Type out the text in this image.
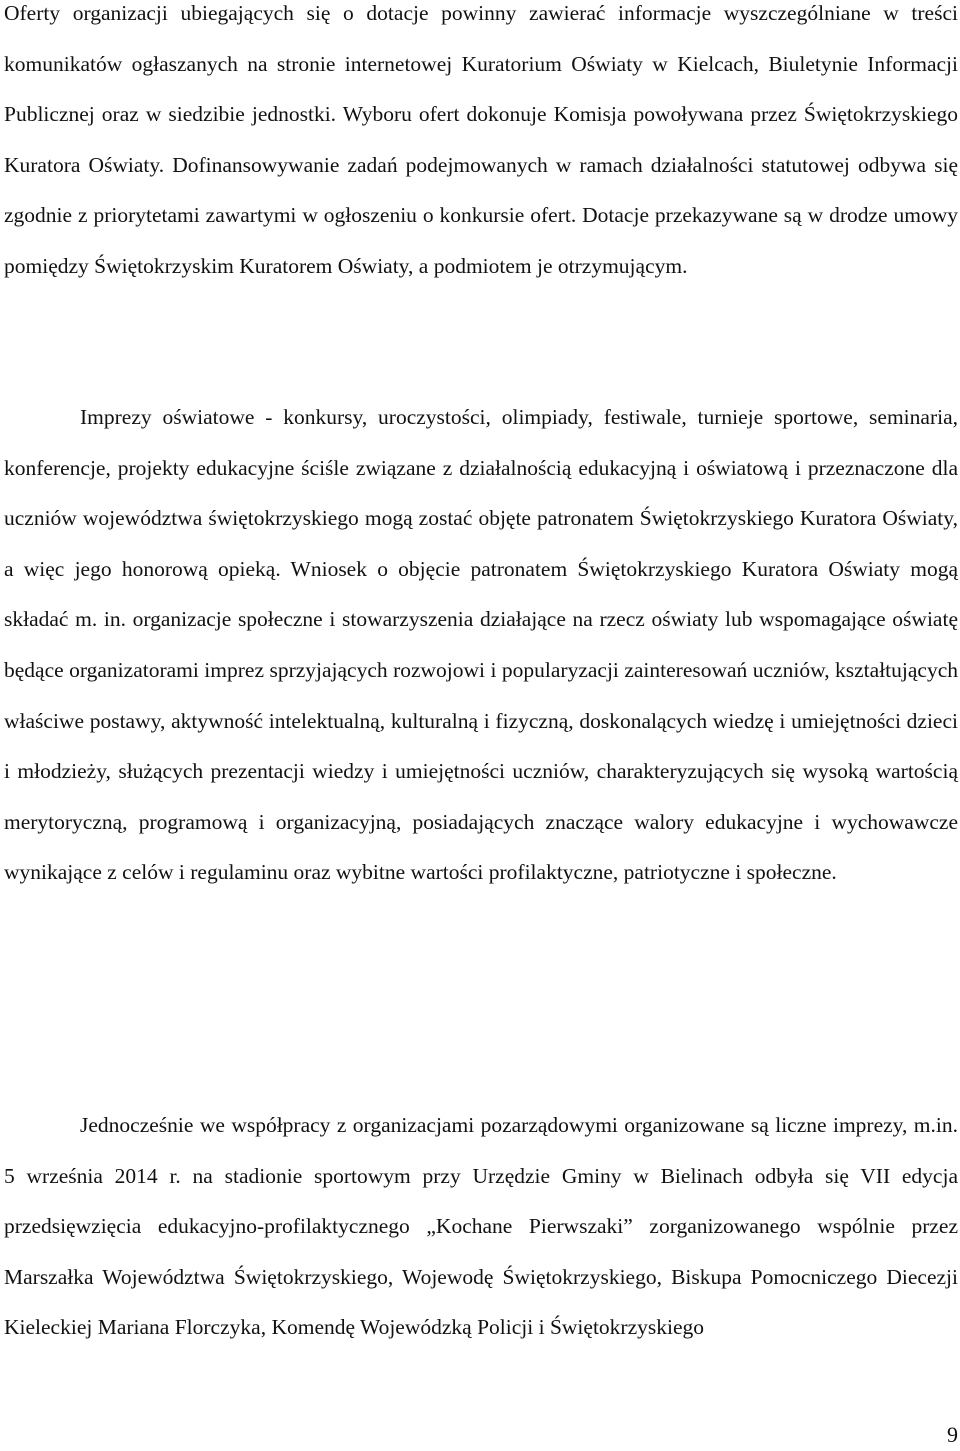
Oferty organizacji ubiegających się o dotacje powinny zawierać informacje wyszczególniane w treści komunikatów ogłaszanych na stronie internetowej Kuratorium Oświaty w Kielcach, Biuletynie Informacji Publicznej oraz w siedzibie jednostki. Wyboru ofert dokonuje Komisja powoływana przez Świętokrzyskiego Kuratora Oświaty. Dofinansowywanie zadań podejmowanych w ramach działalności statutowej odbywa się zgodnie z priorytetami zawartymi w ogłoszeniu o konkursie ofert. Dotacje przekazywane są w drodze umowy pomiędzy Świętokrzyskim Kuratorem Oświaty, a podmiotem je otrzymującym.

Imprezy oświatowe - konkursy, uroczystości, olimpiady, festiwale, turnieje sportowe, seminaria, konferencje, projekty edukacyjne ściśle związane z działalnością edukacyjną i oświatową i przeznaczone dla uczniów województwa świętokrzyskiego mogą zostać objęte patronatem Świętokrzyskiego Kuratora Oświaty, a więc jego honorową opieką. Wniosek o objęcie patronatem Świętokrzyskiego Kuratora Oświaty mogą składać m. in. organizacje społeczne i stowarzyszenia działające na rzecz oświaty lub wspomagające oświatę będące organizatorami imprez sprzyjających rozwojowi i popularyzacji zainteresowań uczniów, kształtujących właściwe postawy, aktywność intelektualną, kulturalną i fizyczną, doskonalących wiedzę i umiejętności dzieci i młodzieży, służących prezentacji wiedzy i umiejętności uczniów, charakteryzujących się wysoką wartością merytoryczną, programową i organizacyjną, posiadających znaczące walory edukacyjne i wychowawcze wynikające z celów i regulaminu oraz wybitne wartości profilaktyczne, patriotyczne i społeczne.

Jednocześnie we współpracy z organizacjami pozarządowymi organizowane są liczne imprezy, m.in. 5 września 2014 r. na stadionie sportowym przy Urzędzie Gminy w Bielinach odbyła się VII edycja przedsięwzięcia edukacyjno-profilaktycznego „Kochane Pierwszaki” zorganizowanego wspólnie przez Marszałka Województwa Świętokrzyskiego, Wojewodę Świętokrzyskiego, Biskupa Pomocniczego Diecezji Kieleckiej Mariana Florczyka, Komendę Wojewódzką Policji i Świętokrzyskiego

9
